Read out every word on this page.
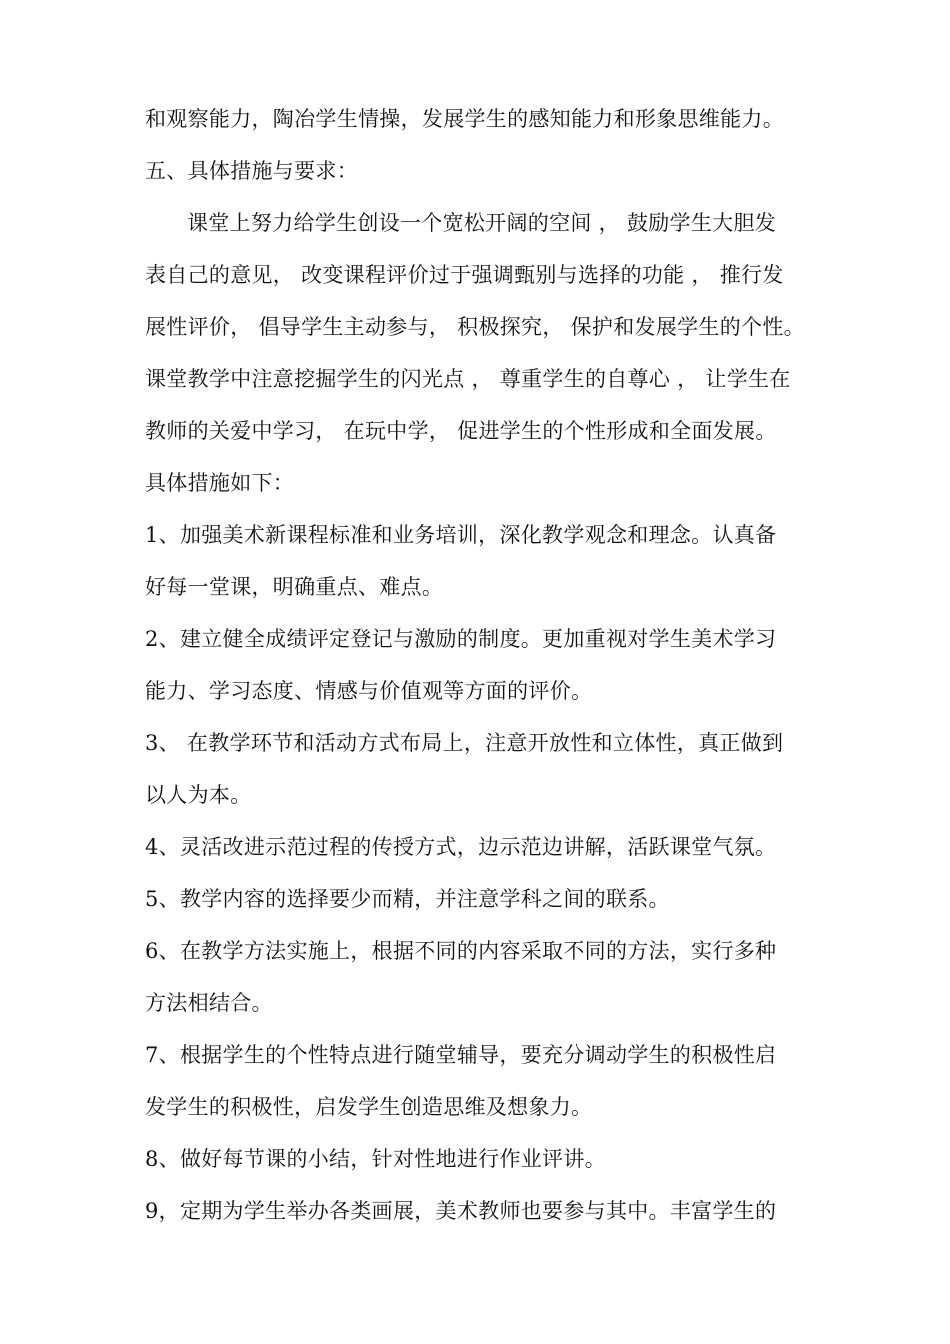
和观察能力，陶冶学生情操，发展学生的感知能力和形象思维能力。
五、具体措施与要求：
课堂上努力给学生创设一个宽松开阔的空间 ， 鼓励学生大胆发
表自己的意见， 改变课程评价过于强调甄别与选择的功能 ， 推行发
展性评价， 倡导学生主动参与， 积极探究， 保护和发展学生的个性。
课堂教学中注意挖掘学生的闪光点 ， 尊重学生的自尊心 ， 让学生在
教师的关爱中学习， 在玩中学， 促进学生的个性形成和全面发展。
具体措施如下：
1、加强美术新课程标准和业务培训，深化教学观念和理念。认真备
好每一堂课，明确重点、难点。
2、建立健全成绩评定登记与激励的制度。更加重视对学生美术学习
能力、学习态度、情感与价值观等方面的评价。
3、 在教学环节和活动方式布局上，注意开放性和立体性，真正做到
以人为本。
4、灵活改进示范过程的传授方式，边示范边讲解，活跃课堂气氛。
5、教学内容的选择要少而精，并注意学科之间的联系。
6、在教学方法实施上，根据不同的内容采取不同的方法，实行多种
方法相结合。
7、根据学生的个性特点进行随堂辅导，要充分调动学生的积极性启
发学生的积极性，启发学生创造思维及想象力。
8、做好每节课的小结，针对性地进行作业评讲。
9，定期为学生举办各类画展，美术教师也要参与其中。丰富学生的
